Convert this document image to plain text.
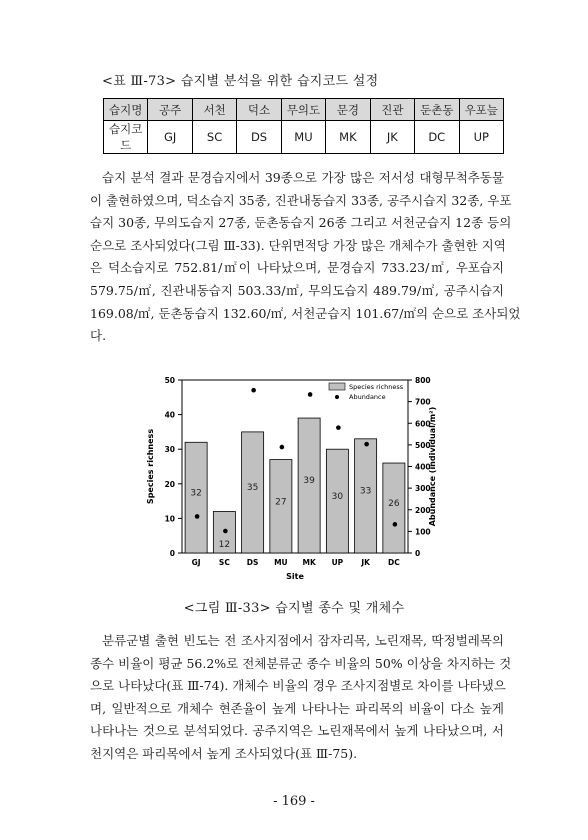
<표 Ⅲ-73> 습지별 분석을 위한 습지코드 설정
습지명	공주	서천	덕소	무의도	문경	진관	둔촌동	우포늪
습지코드	GJ	SC	DS	MU	MK	JK	DC	UP
습지 분석 결과 문경습지에서 39종으로 가장 많은 저서성 대형무척추동물
이 출현하였으며, 덕소습지 35종, 진관내동습지 33종, 공주시습지 32종, 우포
습지 30종, 무의도습지 27종, 둔촌동습지 26종 그리고 서천군습지 12종 등의
순으로 조사되었다(그림 Ⅲ-33). 단위면적당 가장 많은 개체수가 출현한 지역
은 덕소습지로 752.81/㎡이 나타났으며, 문경습지 733.23/㎡, 우포습지
579.75/㎡, 진관내동습지 503.33/㎡, 무의도습지 489.79/㎡, 공주시습지
169.08/㎡, 둔촌동습지 132.60/㎡, 서천군습지 101.67/㎡의 순으로 조사되었
다.
0
10
20
30
40
50
0
100
200
300
400
500
600
700
800
GJ SC DS MU MK UP JK DC
Site
Species richness	Abundance (individual/m²)
32
12
35
27
39
30
33
26
Species richness
Abundance
<그림 Ⅲ-33> 습지별 종수 및 개체수
분류군별 출현 빈도는 전 조사지점에서 잠자리목, 노린재목, 딱정벌레목의
종수 비율이 평균 56.2%로 전체분류군 종수 비율의 50% 이상을 차지하는 것
으로 나타났다(표 Ⅲ-74). 개체수 비율의 경우 조사지점별로 차이를 나타냈으
며, 일반적으로 개체수 현존율이 높게 나타나는 파리목의 비율이 다소 높게
나타나는 것으로 분석되었다. 공주지역은 노린재목에서 높게 나타났으며, 서
천지역은 파리목에서 높게 조사되었다(표 Ⅲ-75).
- 169 -
